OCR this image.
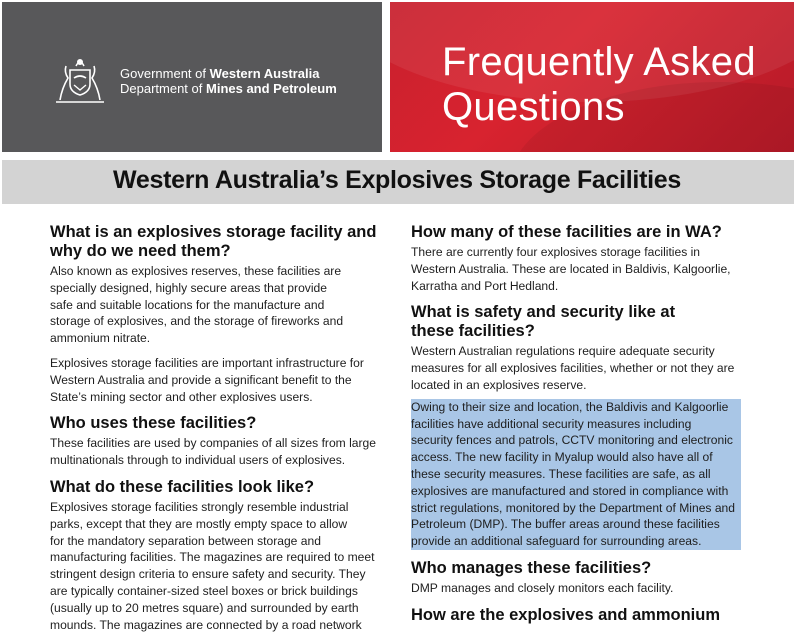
Government of Western Australia
Department of Mines and Petroleum
Frequently Asked
Questions
Western Australia’s Explosives Storage Facilities
What is an explosives storage facility and
why do we need them?

Also known as explosives reserves, these facilities are
specially designed, highly secure areas that provide
safe and suitable locations for the manufacture and
storage of explosives, and the storage of fireworks and
ammonium nitrate.

Explosives storage facilities are important infrastructure for
Western Australia and provide a significant benefit to the
State’s mining sector and other explosives users.

Who uses these facilities?

These facilities are used by companies of all sizes from large
multinationals through to individual users of explosives.

What do these facilities look like?

Explosives storage facilities strongly resemble industrial
parks, except that they are mostly empty space to allow
for the mandatory separation between storage and
manufacturing facilities. The magazines are required to meet
stringent design criteria to ensure safety and security. They
are typically container-sized steel boxes or brick buildings
(usually up to 20 metres square) and surrounded by earth
mounds. The magazines are connected by a road network

How many of these facilities are in WA?

There are currently four explosives storage facilities in
Western Australia. These are located in Baldivis, Kalgoorlie,
Karratha and Port Hedland.

What is safety and security like at
these facilities?

Western Australian regulations require adequate security
measures for all explosives facilities, whether or not they are
located in an explosives reserve.

Owing to their size and location, the Baldivis and Kalgoorlie
facilities have additional security measures including
security fences and patrols, CCTV monitoring and electronic
access. The new facility in Myalup would also have all of
these security measures. These facilities are safe, as all
explosives are manufactured and stored in compliance with
strict regulations, monitored by the Department of Mines and
Petroleum (DMP). The buffer areas around these facilities
provide an additional safeguard for surrounding areas.

Who manages these facilities?

DMP manages and closely monitors each facility.

How are the explosives and ammonium
